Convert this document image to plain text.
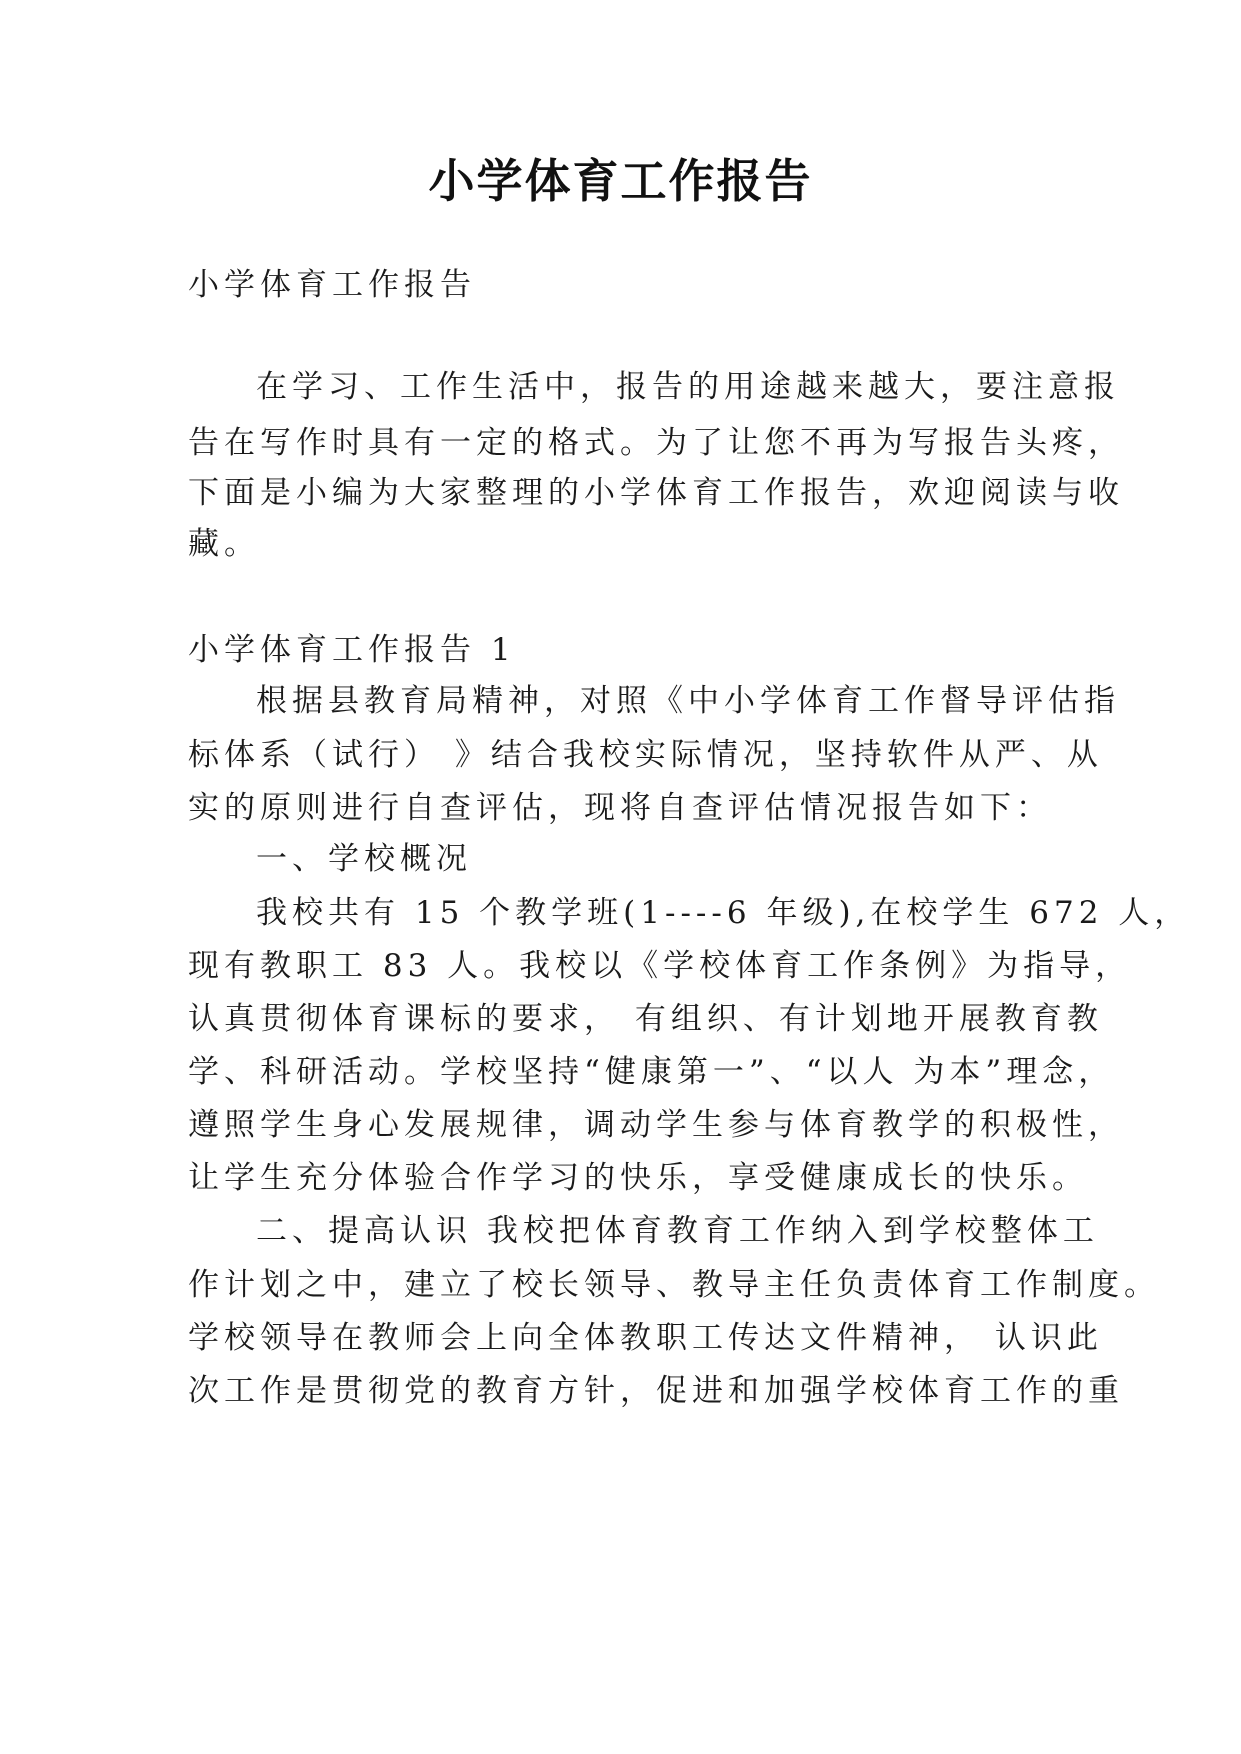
小学体育工作报告
小学体育工作报告
在学习、工作生活中，报告的用途越来越大，要注意报
告在写作时具有一定的格式。为了让您不再为写报告头疼，
下面是小编为大家整理的小学体育工作报告，欢迎阅读与收
藏。
小学体育工作报告 1
根据县教育局精神，对照《中小学体育工作督导评估指
标体系（试行） 》结合我校实际情况，坚持软件从严、从
实的原则进行自查评估，现将自查评估情况报告如下：
一、学校概况
我校共有 15 个教学班(1----6 年级),在校学生 672 人，
现有教职工 83 人。我校以《学校体育工作条例》为指导，
认真贯彻体育课标的要求， 有组织、有计划地开展教育教
学、科研活动。学校坚持“健康第一”、“以人 为本”理念，
遵照学生身心发展规律，调动学生参与体育教学的积极性，
让学生充分体验合作学习的快乐，享受健康成长的快乐。
二、提高认识 我校把体育教育工作纳入到学校整体工
作计划之中，建立了校长领导、教导主任负责体育工作制度。
学校领导在教师会上向全体教职工传达文件精神， 认识此
次工作是贯彻党的教育方针，促进和加强学校体育工作的重
